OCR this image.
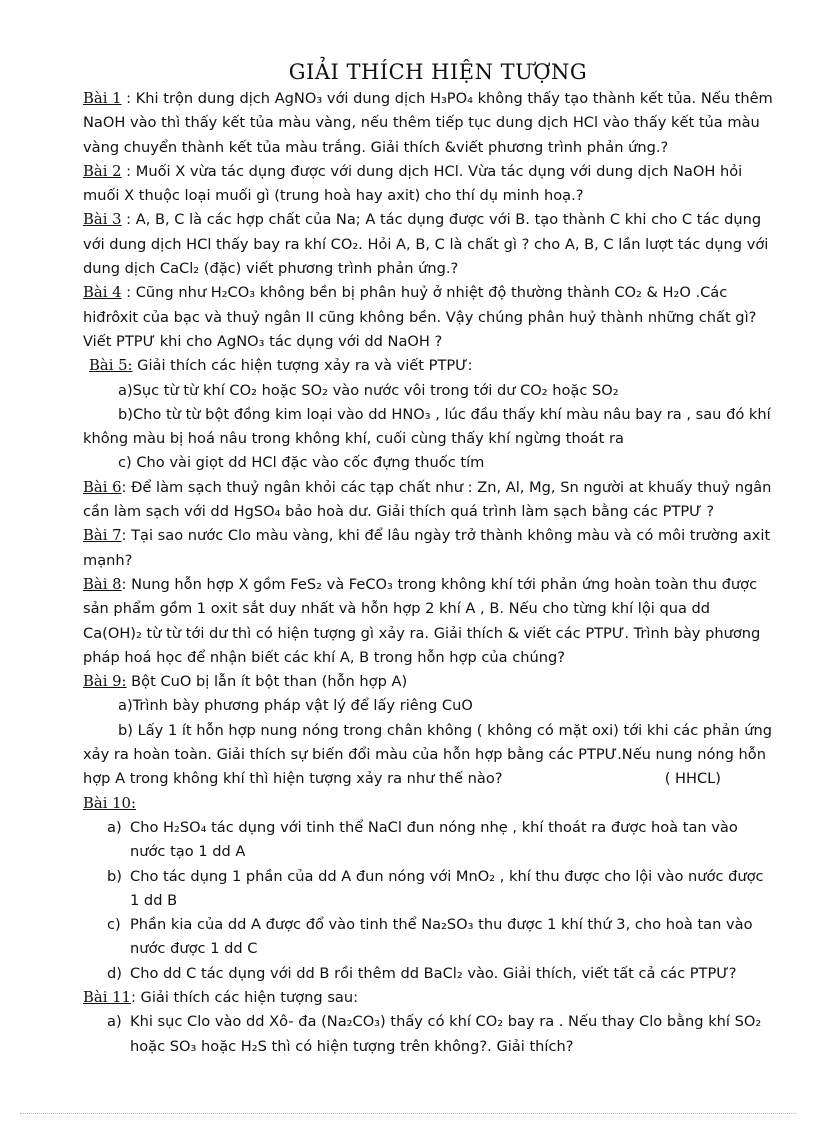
GIẢI THÍCH HIỆN TƯỢNG

Bài 1 : Khi trộn dung dịch AgNO₃ với dung dịch H₃PO₄ không thấy tạo thành kết tủa. Nếu thêm NaOH vào thì thấy kết tủa màu vàng, nếu thêm tiếp tục dung dịch HCl vào thấy kết tủa màu vàng chuyển thành kết tủa màu trắng. Giải thích &viết phương trình phản ứng.?

Bài 2 : Muối X vừa tác dụng được với dung dịch HCl. Vừa tác dụng với dung dịch NaOH hỏi muối X thuộc loại muối gì (trung hoà hay axit) cho thí dụ minh hoạ.?

Bài 3 : A, B, C là các hợp chất của Na; A tác dụng được với B. tạo thành C khi cho C tác dụng với dung dịch HCl thấy bay ra khí CO₂. Hỏi A, B, C là chất gì ? cho A, B, C lần lượt tác dụng với dung dịch CaCl₂ (đặc) viết phương trình phản ứng.?

Bài 4 : Cũng như H₂CO₃ không bền bị phân huỷ ở nhiệt độ thường thành CO₂ & H₂O .Các hiđrôxit của bạc và thuỷ ngân II cũng không bền. Vậy chúng phân huỷ thành những chất gì? Viết PTPƯ khi cho AgNO₃ tác dụng với dd NaOH ?

Bài 5: Giải thích các hiện tượng xảy ra và viết PTPƯ:

a)Sục từ từ khí CO₂ hoặc SO₂ vào nước vôi trong tới dư CO₂ hoặc SO₂

b)Cho từ từ bột đồng kim loại vào dd HNO₃ , lúc đầu thấy khí màu nâu bay ra , sau đó khí không màu bị hoá nâu trong không khí, cuối cùng thấy khí ngừng thoát ra

c) Cho vài giọt dd HCl đặc vào cốc đựng thuốc tím

Bài 6: Để làm sạch thuỷ ngân khỏi các tạp chất như : Zn, Al, Mg, Sn người at khuấy thuỷ ngân cần làm sạch với dd HgSO₄ bảo hoà dư. Giải thích quá trình làm sạch bằng các PTPƯ ?

Bài 7: Tại sao nước Clo màu vàng, khi để lâu ngày trở thành không màu và có môi trường axit mạnh?

Bài 8: Nung hỗn hợp X gồm FeS₂ và FeCO₃ trong không khí tới phản ứng hoàn toàn thu được sản phẩm gồm 1 oxit sắt duy nhất và hỗn hợp 2 khí A , B. Nếu cho từng khí lội qua dd Ca(OH)₂ từ từ tới dư thì có hiện tượng gì xảy ra. Giải thích & viết các PTPƯ. Trình bày phương pháp hoá học để nhận biết các khí A, B trong hỗn hợp của chúng?

Bài 9: Bột CuO bị lẫn ít bột than (hỗn hợp A)

a)Trình bày phương pháp vật lý để lấy riêng CuO

b) Lấy 1 ít hỗn hợp nung nóng trong chân không ( không có mặt oxi) tới khi các phản ứng xảy ra hoàn toàn. Giải thích sự biến đổi màu của hỗn hợp bằng các PTPƯ.Nếu nung nóng hỗn hợp A trong không khí thì hiện tượng xảy ra như thế nào?	( HHCL)

Bài 10:

a) Cho H₂SO₄ tác dụng với tinh thể NaCl đun nóng nhẹ , khí thoát ra được hoà tan vào nước tạo 1 dd A
b) Cho tác dụng 1 phần của dd A đun nóng với MnO₂ , khí thu được cho lội vào nước được 1 dd B
c) Phần kia của dd A được đổ vào tinh thể Na₂SO₃ thu được 1 khí thứ 3, cho hoà tan vào nước được 1 dd C
d) Cho dd C tác dụng với dd B rồi thêm dd BaCl₂ vào. Giải thích, viết tất cả các PTPƯ?

Bài 11: Giải thích các hiện tượng sau:

a) Khi sục Clo vào dd Xô- đa (Na₂CO₃) thấy có khí CO₂ bay ra . Nếu thay Clo bằng khí SO₂ hoặc SO₃ hoặc H₂S thì có hiện tượng trên không?. Giải thích?
